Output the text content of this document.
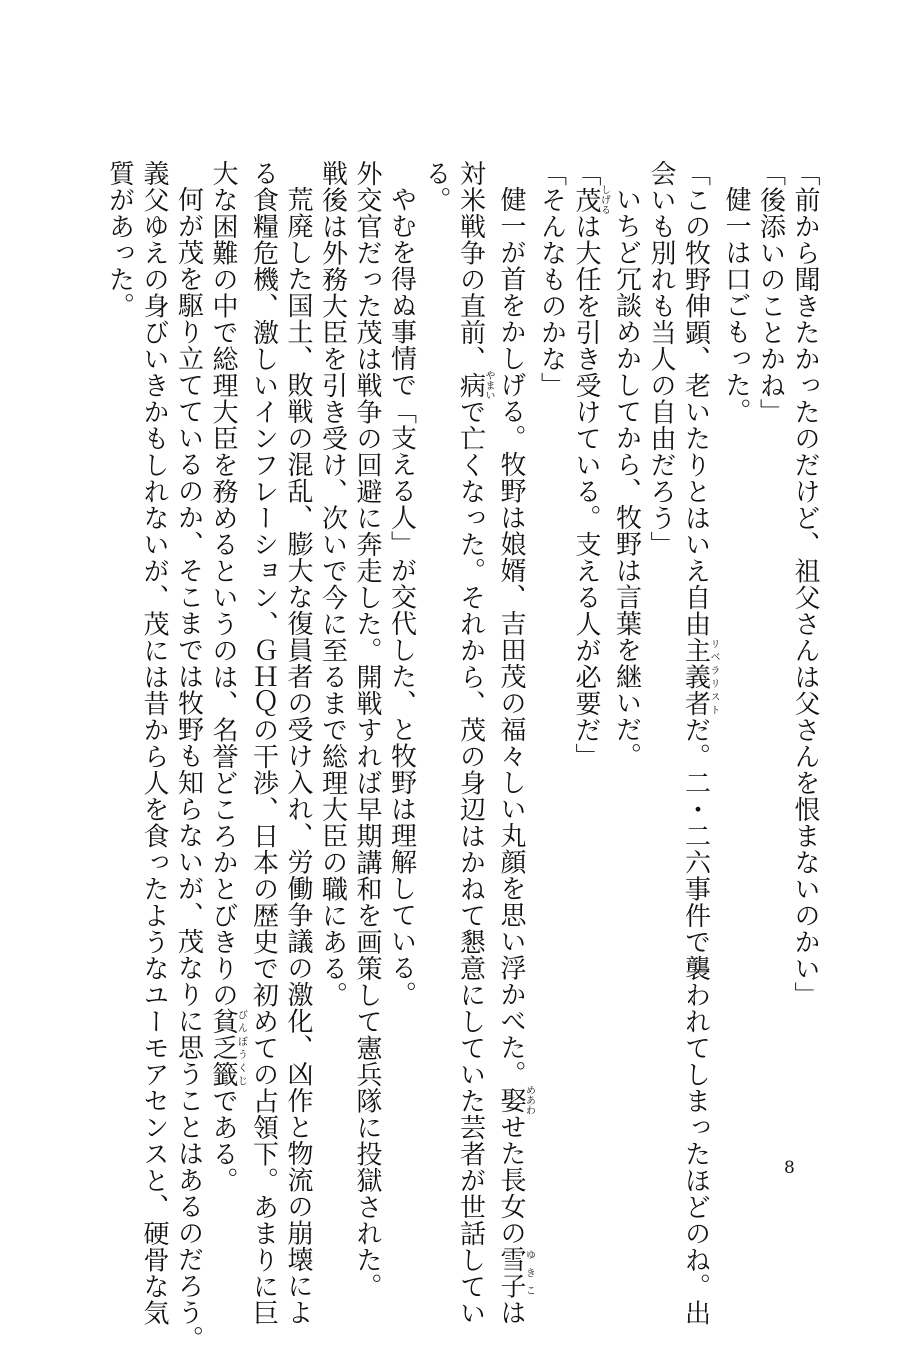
「前から聞きたかったのだけど、祖父さんは父さんを恨まないのかい」
「後添いのことかね」
健一は口ごもった。
「この牧野伸顕、老いたりとはいえ自由主義者リベラリストだ。二・二六事件で襲われてしまったほどのね。出
会いも別れも当人の自由だろう」
いちど冗談めかしてから、牧野は言葉を継いだ。
「茂しげるは大任を引き受けている。支える人が必要だ」
「そんなものかな」
健一が首をかしげる。牧野は娘婿、吉田茂の福々しい丸顔を思い浮かべた。娶めあわせた長女の雪子ゆきこは
対米戦争の直前、病やまいで亡くなった。それから、茂の身辺はかねて懇意にしていた芸者が世話してい
る。
やむを得ぬ事情で「支える人」が交代した、と牧野は理解している。
外交官だった茂は戦争の回避に奔走した。開戦すれば早期講和を画策して憲兵隊に投獄された。
戦後は外務大臣を引き受け、次いで今に至るまで総理大臣の職にある。
荒廃した国土、敗戦の混乱、膨大な復員者の受け入れ、労働争議の激化、凶作と物流の崩壊によ
る食糧危機、激しいインフレーション、ＧＨＱの干渉、日本の歴史で初めての占領下。あまりに巨
大な困難の中で総理大臣を務めるというのは、名誉どころかとびきりの貧乏籤びんぼうくじである。
何が茂を駆り立てているのか、そこまでは牧野も知らないが、茂なりに思うことはあるのだろう。
義父ゆえの身びいきかもしれないが、茂には昔から人を食ったようなユーモアセンスと、硬骨な気
質があった。
8
